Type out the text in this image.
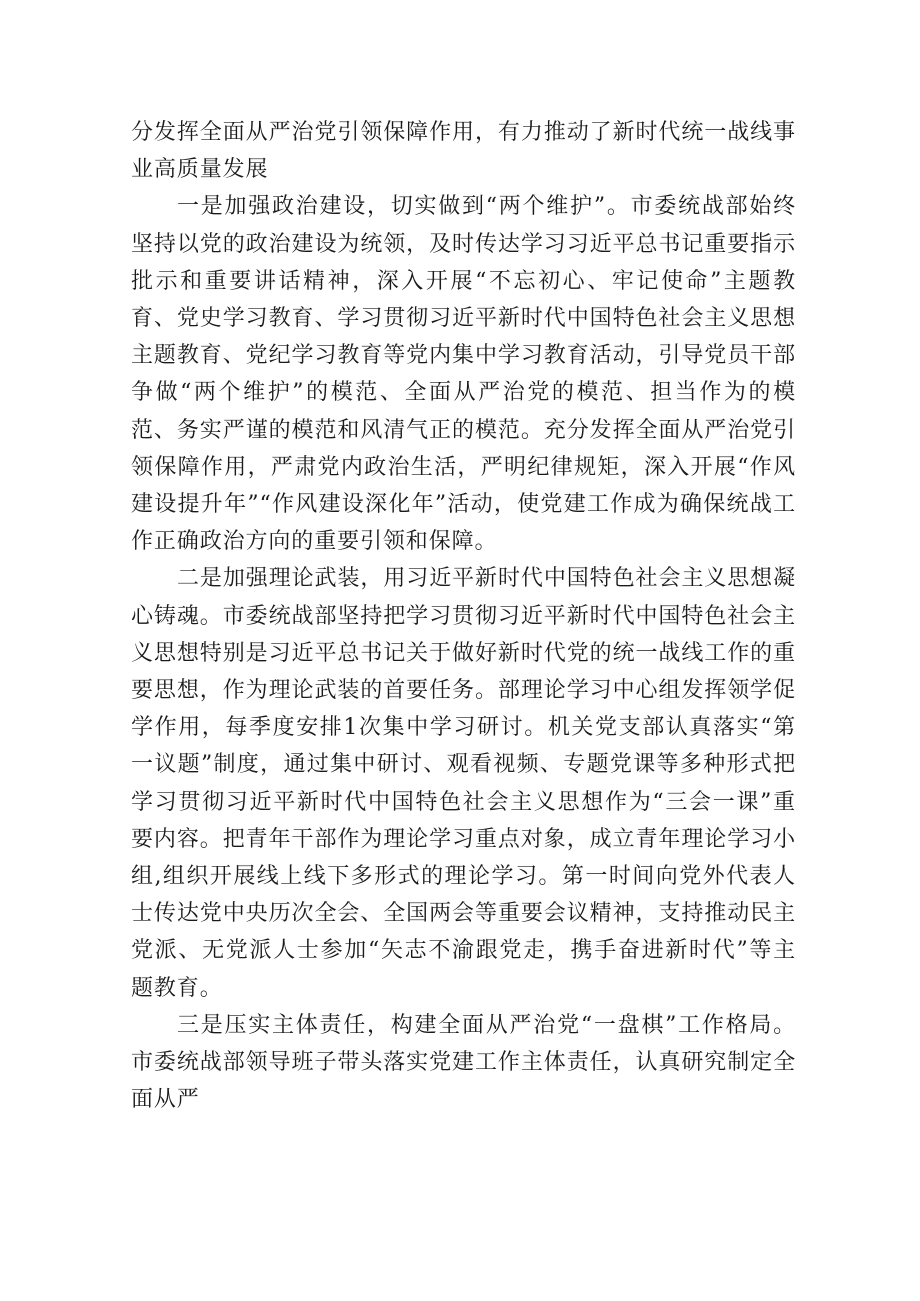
分发挥全面从严治党引领保障作用，有力推动了新时代统一战线事业高质量发展

一是加强政治建设，切实做到“两个维护”。市委统战部始终坚持以党的政治建设为统领，及时传达学习习近平总书记重要指示批示和重要讲话精神，深入开展“不忘初心、牢记使命”主题教育、党史学习教育、学习贯彻习近平新时代中国特色社会主义思想主题教育、党纪学习教育等党内集中学习教育活动，引导党员干部争做“两个维护”的模范、全面从严治党的模范、担当作为的模范、务实严谨的模范和风清气正的模范。充分发挥全面从严治党引领保障作用，严肃党内政治生活，严明纪律规矩，深入开展“作风建设提升年”“作风建设深化年”活动，使党建工作成为确保统战工作正确政治方向的重要引领和保障。

二是加强理论武装，用习近平新时代中国特色社会主义思想凝心铸魂。市委统战部坚持把学习贯彻习近平新时代中国特色社会主义思想特别是习近平总书记关于做好新时代党的统一战线工作的重要思想，作为理论武装的首要任务。部理论学习中心组发挥领学促学作用，每季度安排1次集中学习研讨。机关党支部认真落实“第一议题”制度，通过集中研讨、观看视频、专题党课等多种形式把学习贯彻习近平新时代中国特色社会主义思想作为“三会一课”重要内容。把青年干部作为理论学习重点对象，成立青年理论学习小组,组织开展线上线下多形式的理论学习。第一时间向党外代表人士传达党中央历次全会、全国两会等重要会议精神，支持推动民主党派、无党派人士参加“矢志不渝跟党走，携手奋进新时代”等主题教育。

三是压实主体责任，构建全面从严治党“一盘棋”工作格局。市委统战部领导班子带头落实党建工作主体责任，认真研究制定全面从严
